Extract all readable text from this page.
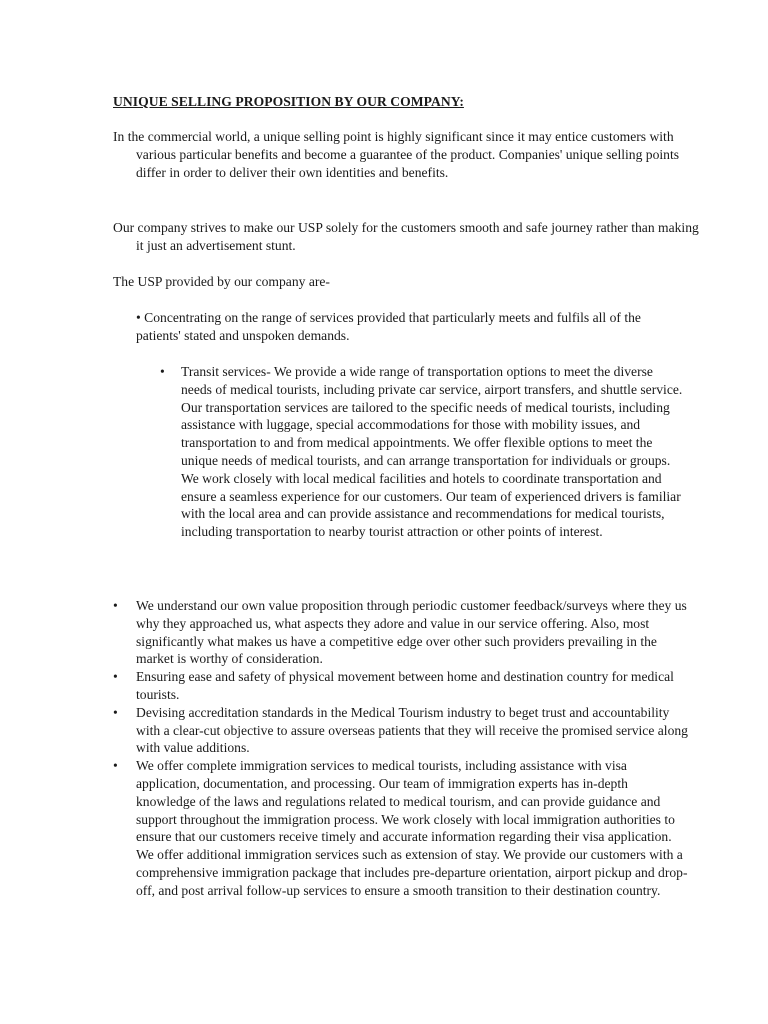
UNIQUE SELLING PROPOSITION BY OUR COMPANY:
In the commercial world, a unique selling point is highly significant since it may entice customers with various particular benefits and become a guarantee of the product. Companies' unique selling points differ in order to deliver their own identities and benefits.
Our company strives to make our USP solely for the customers smooth and safe journey rather than making it just an advertisement stunt.
The USP provided by our company are-
• Concentrating on the range of services provided that particularly meets and fulfils all of the patients' stated and unspoken demands.
•	Transit services- We provide a wide range of transportation options to meet the diverse needs of medical tourists, including private car service, airport transfers, and shuttle service. Our transportation services are tailored to the specific needs of medical tourists, including assistance with luggage, special accommodations for those with mobility issues, and transportation to and from medical appointments. We offer flexible options to meet the unique needs of medical tourists, and can arrange transportation for individuals or groups. We work closely with local medical facilities and hotels to coordinate transportation and ensure a seamless experience for our customers. Our team of experienced drivers is familiar with the local area and can provide assistance and recommendations for medical tourists, including transportation to nearby tourist attraction or other points of interest.
•	We understand our own value proposition through periodic customer feedback/surveys where they us why they approached us, what aspects they adore and value in our service offering. Also, most significantly what makes us have a competitive edge over other such providers prevailing in the market is worthy of consideration.
•	Ensuring ease and safety of physical movement between home and destination country for medical tourists.
•	Devising accreditation standards in the Medical Tourism industry to beget trust and accountability with a clear-cut objective to assure overseas patients that they will receive the promised service along with value additions.
•	We offer complete immigration services to medical tourists, including assistance with visa application, documentation, and processing. Our team of immigration experts has in-depth knowledge of the laws and regulations related to medical tourism, and can provide guidance and support throughout the immigration process. We work closely with local immigration authorities to ensure that our customers receive timely and accurate information regarding their visa application. We offer additional immigration services such as extension of stay. We provide our customers with a comprehensive immigration package that includes pre-departure orientation, airport pickup and drop-off, and post arrival follow-up services to ensure a smooth transition to their destination country.
